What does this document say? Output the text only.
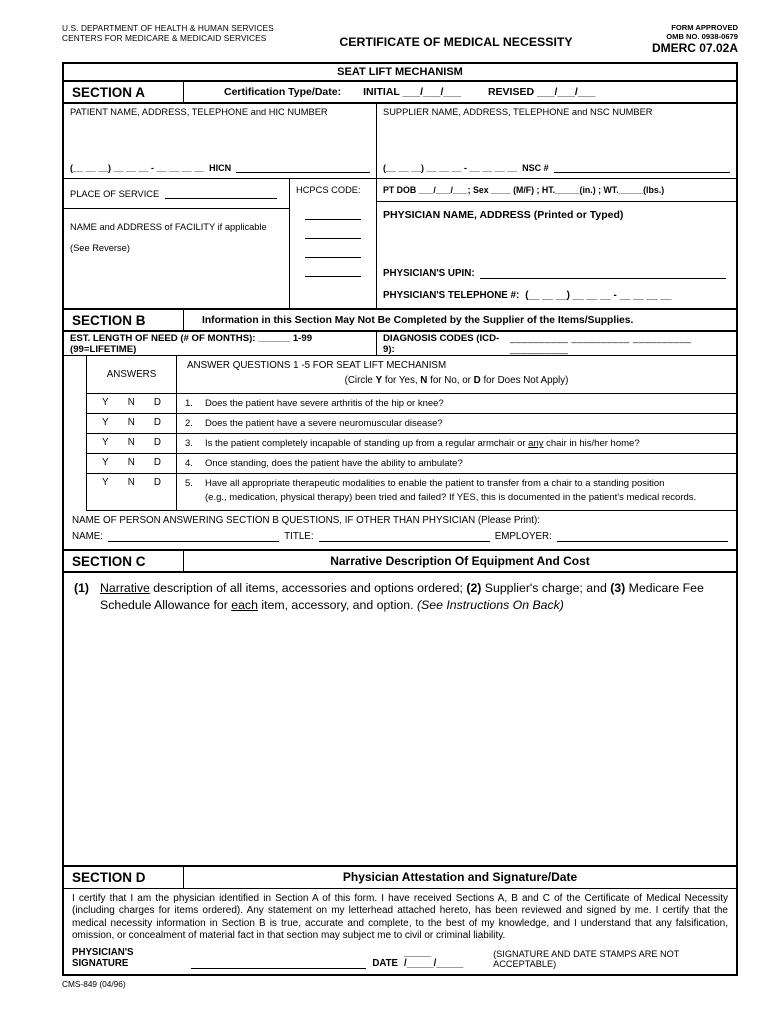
U.S. DEPARTMENT OF HEALTH & HUMAN SERVICES
CENTERS FOR MEDICARE & MEDICAID SERVICES	CERTIFICATE OF MEDICAL NECESSITY
FORM APPROVED
OMB NO. 0938-0679
DMERC 07.02A
SEAT LIFT MECHANISM
SECTION A	Certification Type/Date: INITIAL ___/___/___	REVISED ___/___/___
PATIENT NAME, ADDRESS, TELEPHONE and HIC NUMBER
(__ __ __) __ __ __ - __ __ __ __ HICN
SUPPLIER NAME, ADDRESS, TELEPHONE and NSC NUMBER
(__ __ __) __ __ __ - __ __ __ __ NSC #
PLACE OF SERVICE
NAME and ADDRESS of FACILITY if applicable (See Reverse)
HCPCS CODE:	PT DOB ___/___/___; Sex ____ (M/F) ; HT._____(in.) ; WT._____(lbs.)
PHYSICIAN NAME, ADDRESS (Printed or Typed)
PHYSICIAN'S UPIN:
PHYSICIAN'S TELEPHONE #: (__ __ __) __ __ __ - __ __ __ __
SECTION B	Information in this Section May Not Be Completed by the Supplier of the Items/Supplies.
EST. LENGTH OF NEED (# OF MONTHS): ______ 1-99 (99=LIFETIME)
DIAGNOSIS CODES (ICD-9):
__________ __________ __________ __________
ANSWERS
ANSWER QUESTIONS 1 -5 FOR SEAT LIFT MECHANISM
(Circle Y for Yes, N for No, or D for Does Not Apply)
Y N D	1.	Does the patient have severe arthritis of the hip or knee?
Y N D	2.	Does the patient have a severe neuromuscular disease?
Y N D	3.	Is the patient completely incapable of standing up from a regular armchair or any chair in his/her home?
Y N D	4.	Once standing, does the patient have the ability to ambulate?
Y N D	5.	Have all appropriate therapeutic modalities to enable the patient to transfer from a chair to a standing position
(e.g., medication, physical therapy) been tried and failed? If YES, this is documented in the patient's medical records.
NAME OF PERSON ANSWERING SECTION B QUESTIONS, IF OTHER THAN PHYSICIAN (Please Print):
NAME:	TITLE:	EMPLOYER:
SECTION C	Narrative Description Of Equipment And Cost
(1) Narrative description of all items, accessories and options ordered; (2) Supplier's charge; and (3) Medicare Fee Schedule Allowance for each item, accessory, and option. (See Instructions On Back)
SECTION D	Physician Attestation and Signature/Date
I certify that I am the physician identified in Section A of this form. I have received Sections A, B and C of the Certificate of Medical Necessity (including charges for items ordered). Any statement on my letterhead attached hereto, has been reviewed and signed by me. I certify that the medical necessity information in Section B is true, accurate and complete, to the best of my knowledge, and I understand that any falsification, omission, or concealment of material fact in that section may subject me to civil or criminal liability.
PHYSICIAN'S SIGNATURE	DATE
_____ /_____/_____
(SIGNATURE AND DATE STAMPS ARE NOT ACCEPTABLE)
CMS-849 (04/96)
